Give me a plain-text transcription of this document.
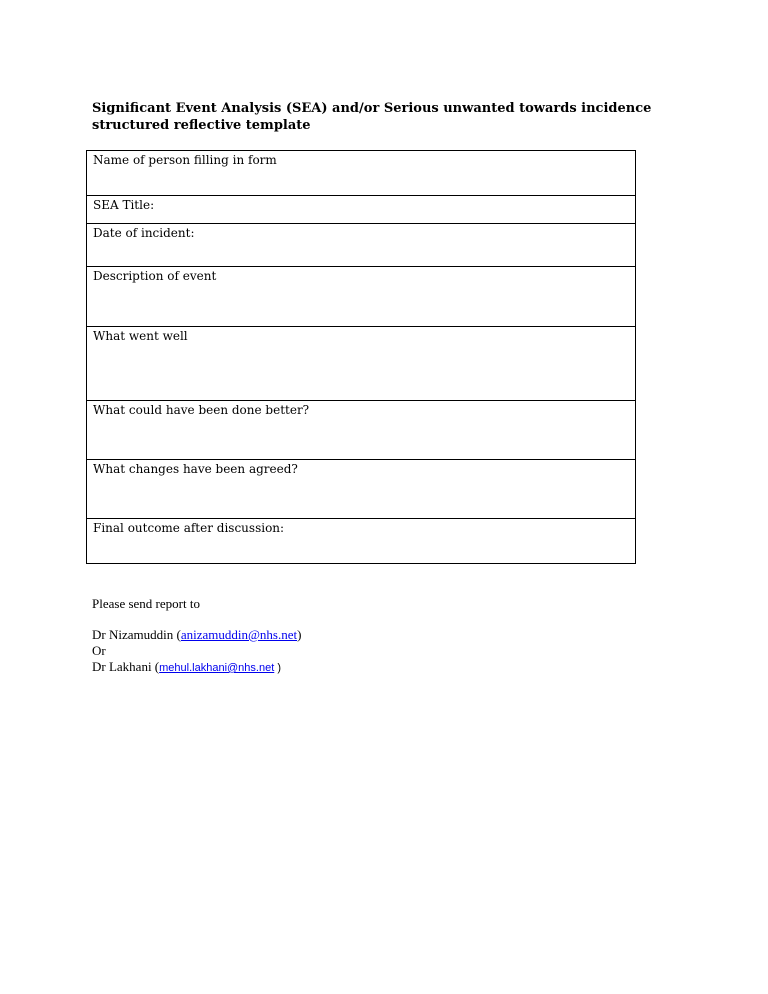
Significant Event Analysis (SEA) and/or Serious unwanted towards incidence structured reflective template
Name of person filling in form
SEA Title:
Date of incident:
Description of event
What went well
What could have been done better?
What changes have been agreed?
Final outcome after discussion:

Please send report to

Dr Nizamuddin (anizamuddin@nhs.net)

Or

Dr Lakhani (mehul.lakhani@nhs.net )
